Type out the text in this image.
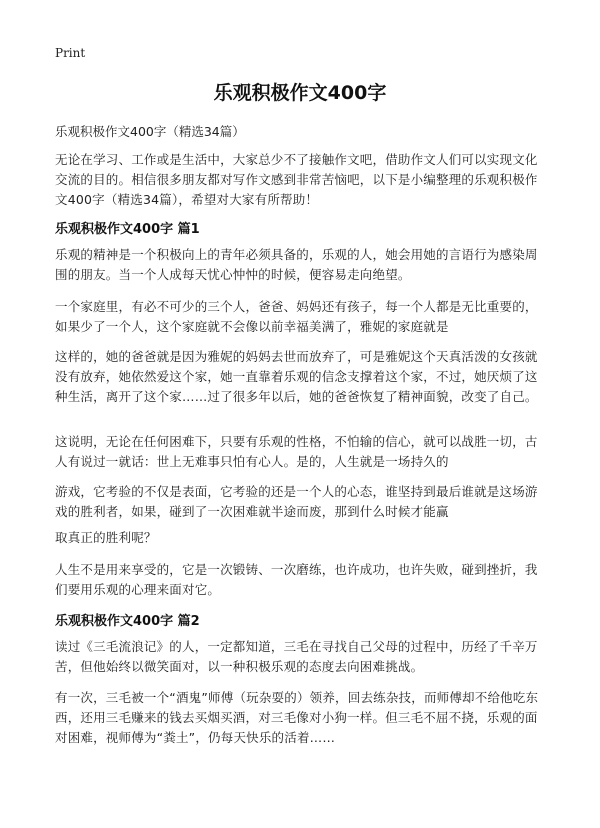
Print
乐观积极作文400字
乐观积极作文400字（精选34篇）

无论在学习、工作或是生活中，大家总少不了接触作文吧，借助作文人们可以实现文化交流的目的。相信很多朋友都对写作文感到非常苦恼吧，以下是小编整理的乐观积极作文400字（精选34篇），希望对大家有所帮助！

乐观积极作文400字 篇1

乐观的精神是一个积极向上的青年必须具备的，乐观的人，她会用她的言语行为感染周围的朋友。当一个人成每天忧心忡忡的时候，便容易走向绝望。

一个家庭里，有必不可少的三个人，爸爸、妈妈还有孩子，每一个人都是无比重要的，如果少了一个人，这个家庭就不会像以前幸福美满了，雅妮的家庭就是

这样的，她的爸爸就是因为雅妮的妈妈去世而放弃了，可是雅妮这个天真活泼的女孩就没有放弃，她依然爱这个家，她一直靠着乐观的信念支撑着这个家，不过，她厌烦了这种生活，离开了这个家……过了很多年以后，她的爸爸恢复了精神面貌，改变了自己。

这说明，无论在任何困难下，只要有乐观的性格，不怕输的信心，就可以战胜一切，古人有说过一就话：世上无难事只怕有心人。是的，人生就是一场持久的

游戏，它考验的不仅是表面，它考验的还是一个人的心态，谁坚持到最后谁就是这场游戏的胜利者，如果，碰到了一次困难就半途而废，那到什么时候才能赢

取真正的胜利呢？

人生不是用来享受的，它是一次锻铸、一次磨练，也许成功，也许失败，碰到挫折，我们要用乐观的心理来面对它。

乐观积极作文400字 篇2

读过《三毛流浪记》的人，一定都知道，三毛在寻找自己父母的过程中，历经了千辛万苦，但他始终以微笑面对，以一种积极乐观的态度去向困难挑战。

有一次，三毛被一个“酒鬼”师傅（玩杂耍的）领养，回去练杂技，而师傅却不给他吃东西，还用三毛赚来的钱去买烟买酒，对三毛像对小狗一样。但三毛不屈不挠，乐观的面对困难，视师傅为“粪土”，仍每天快乐的活着……
